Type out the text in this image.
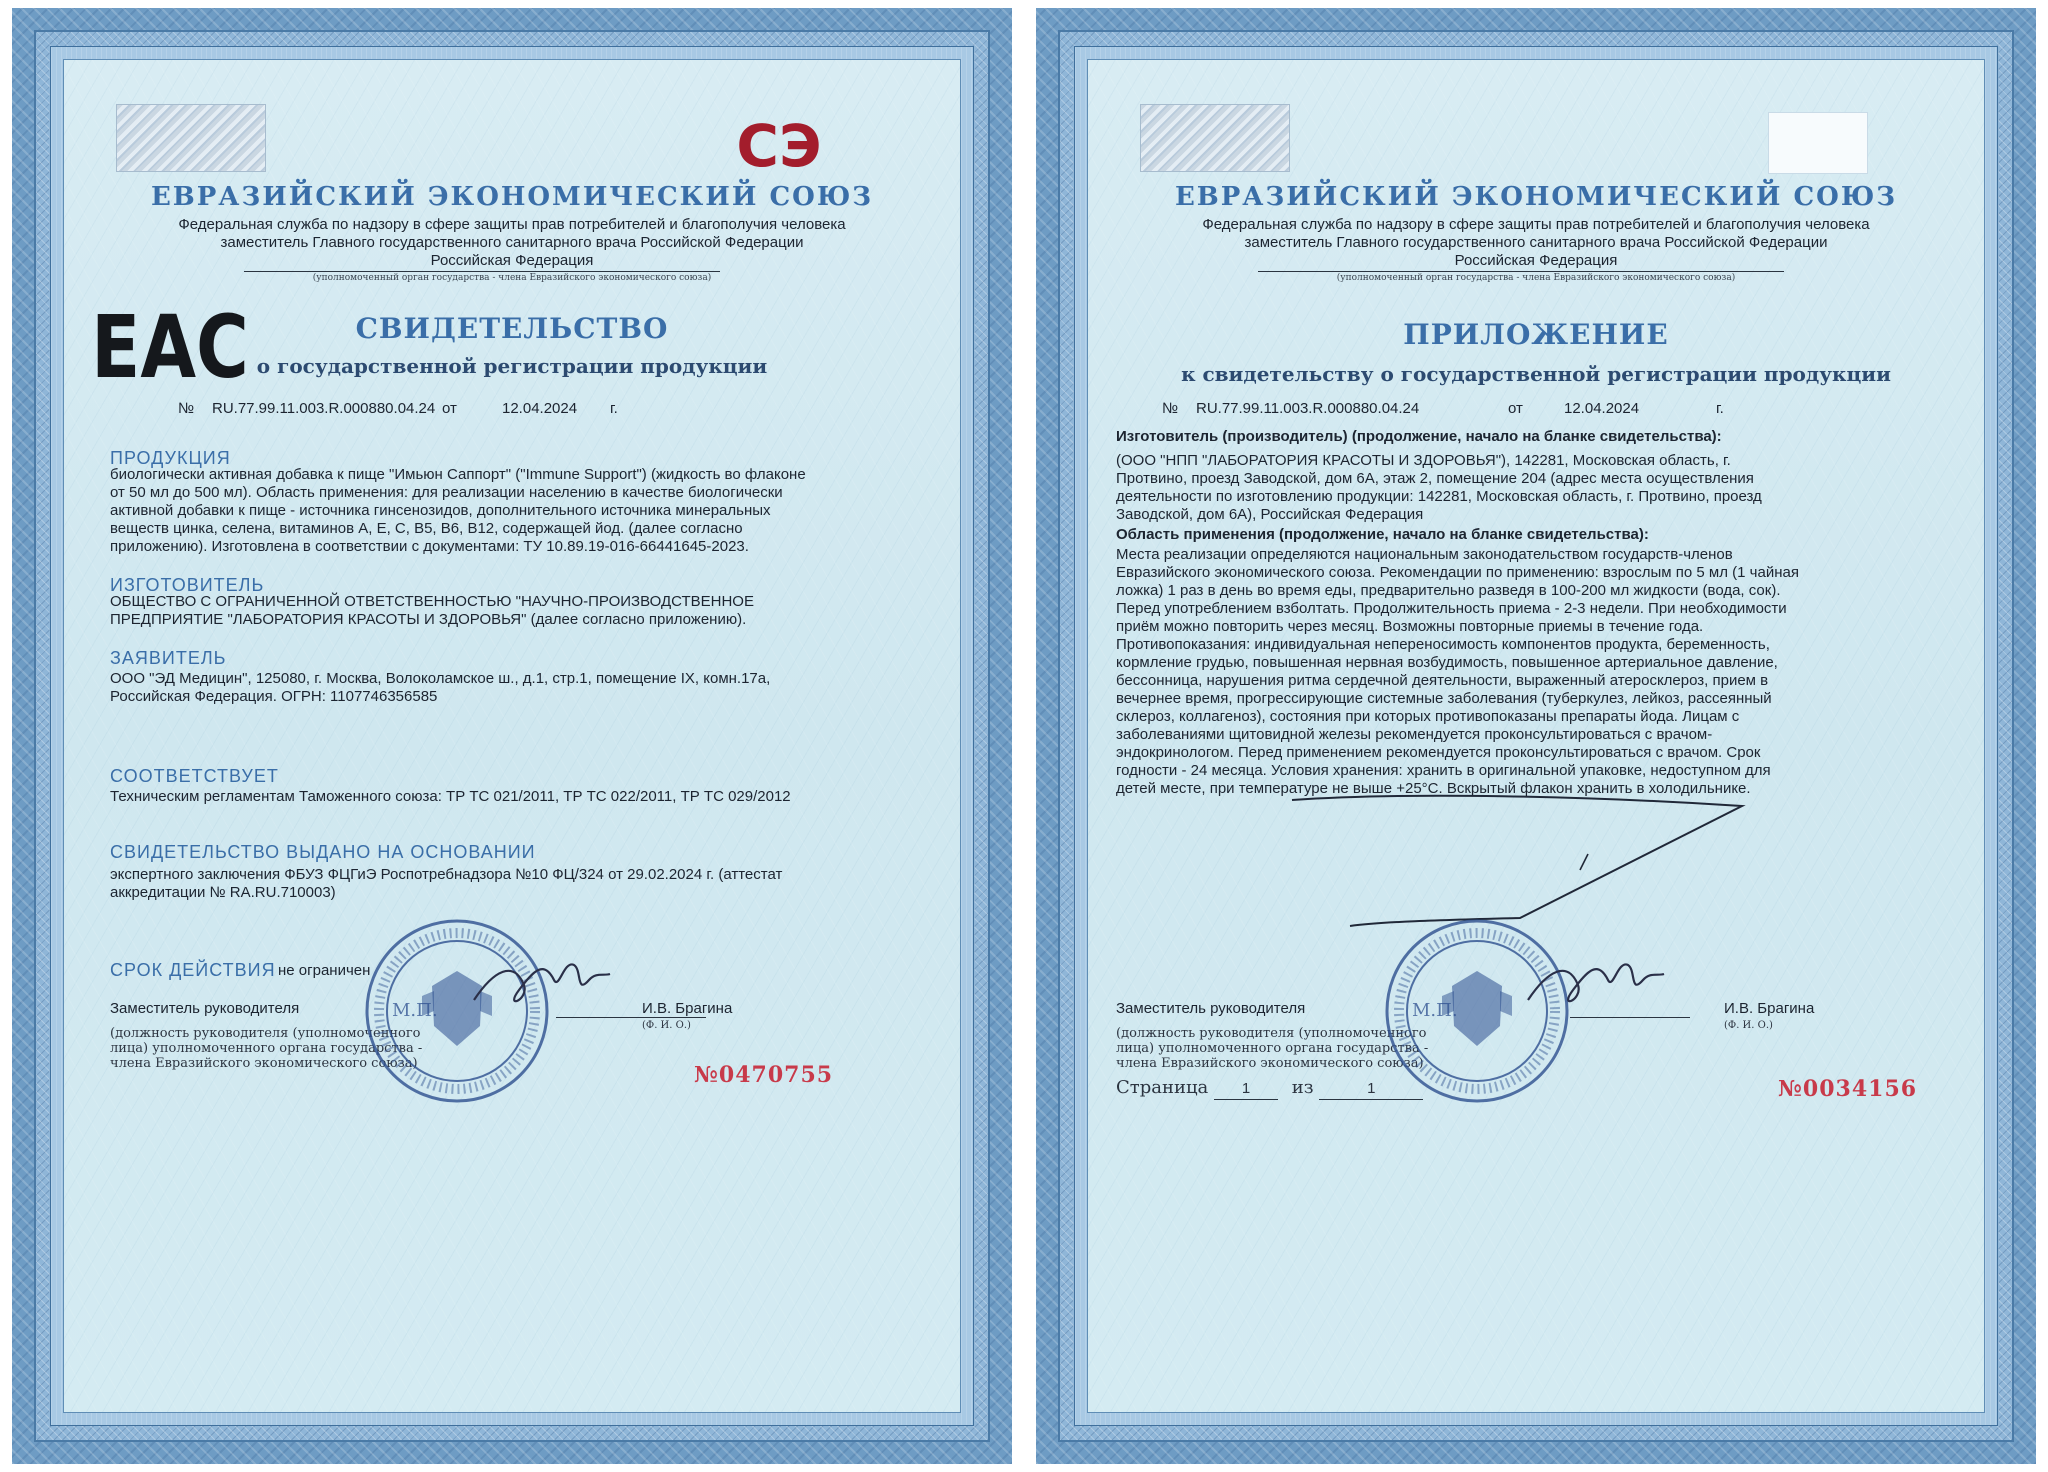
СЭ
ЕВРАЗИЙСКИЙ ЭКОНОМИЧЕСКИЙ СОЮЗ
Федеральная служба по надзору в сфере защиты прав потребителей и благополучия человека
заместитель Главного государственного санитарного врача Российской Федерации
Российская Федерация
(уполномоченный орган государства - члена Евразийского экономического союза)
EAC	СВИДЕТЕЛЬСТВО
о государственной регистрации продукции
№ RU.77.99.11.003.R.000880.04.24 от	12.04.2024 г.
ПРОДУКЦИЯ
биологически активная добавка к пище "Имьюн Саппорт" ("Immune Support") (жидкость во флаконе
от 50 мл до 500 мл). Область применения: для реализации населению в качестве биологически
активной добавки к пище - источника гинсенозидов, дополнительного источника минеральных
веществ цинка, селена, витаминов А, Е, С, В5, В6, В12, содержащей йод. (далее согласно
приложению). Изготовлена в соответствии с документами: ТУ 10.89.19-016-66441645-2023.
ИЗГОТОВИТЕЛЬ
ОБЩЕСТВО С ОГРАНИЧЕННОЙ ОТВЕТСТВЕННОСТЬЮ "НАУЧНО-ПРОИЗВОДСТВЕННОЕ
ПРЕДПРИЯТИЕ "ЛАБОРАТОРИЯ КРАСОТЫ И ЗДОРОВЬЯ" (далее согласно приложению).
ЗАЯВИТЕЛЬ
ООО "ЭД Медицин", 125080, г. Москва, Волоколамское ш., д.1, стр.1, помещение IX, комн.17а,
Российская Федерация. ОГРН: 1107746356585
СООТВЕТСТВУЕТ
Техническим регламентам Таможенного союза: ТР ТС 021/2011, ТР ТС 022/2011, ТР ТС 029/2012
СВИДЕТЕЛЬСТВО ВЫДАНО НА ОСНОВАНИИ
экспертного заключения ФБУЗ ФЦГиЭ Роспотребнадзора №10 ФЦ/324 от 29.02.2024 г. (аттестат
аккредитации № RA.RU.710003)
СРОК ДЕЙСТВИЯ не ограничен
Заместитель руководителя	И.В. Брагина
(Ф. И. О.)
(должность руководителя (уполномоченного
лица) уполномоченного органа государства -
члена Евразийского экономического союза)
М.П.
№0470755
ЕВРАЗИЙСКИЙ ЭКОНОМИЧЕСКИЙ СОЮЗ
Федеральная служба по надзору в сфере защиты прав потребителей и благополучия человека
заместитель Главного государственного санитарного врача Российской Федерации
Российская Федерация
(уполномоченный орган государства - члена Евразийского экономического союза)
ПРИЛОЖЕНИЕ
к свидетельству о государственной регистрации продукции
№ RU.77.99.11.003.R.000880.04.24	от	12.04.2024	г.
Изготовитель (производитель) (продолжение, начало на бланке свидетельства):
(ООО "НПП "ЛАБОРАТОРИЯ КРАСОТЫ И ЗДОРОВЬЯ"), 142281, Московская область, г.
Протвино, проезд Заводской, дом 6А, этаж 2, помещение 204 (адрес места осуществления
деятельности по изготовлению продукции: 142281, Московская область, г. Протвино, проезд
Заводской, дом 6А), Российская Федерация
Область применения (продолжение, начало на бланке свидетельства):
Места реализации определяются национальным законодательством государств-членов
Евразийского экономического союза. Рекомендации по применению: взрослым по 5 мл (1 чайная
ложка) 1 раз в день во время еды, предварительно разведя в 100-200 мл жидкости (вода, сок).
Перед употреблением взболтать. Продолжительность приема - 2-3 недели. При необходимости
приём можно повторить через месяц. Возможны повторные приемы в течение года.
Противопоказания: индивидуальная непереносимость компонентов продукта, беременность,
кормление грудью, повышенная нервная возбудимость, повышенное артериальное давление,
бессонница, нарушения ритма сердечной деятельности, выраженный атеросклероз, прием в
вечернее время, прогрессирующие системные заболевания (туберкулез, лейкоз, рассеянный
склероз, коллагеноз), состояния при которых противопоказаны препараты йода. Лицам с
заболеваниями щитовидной железы рекомендуется проконсультироваться с врачом-
эндокринологом. Перед применением рекомендуется проконсультироваться с врачом. Срок
годности - 24 месяца. Условия хранения: хранить в оригинальной упаковке, недоступном для
детей месте, при температуре не выше +25°С. Вскрытый флакон хранить в холодильнике.
Заместитель руководителя	И.В. Брагина
(Ф. И. О.)
(должность руководителя (уполномоченного
лица) уполномоченного органа государства -
члена Евразийского экономического союза)
М.П.
Страница 1 из	1	№0034156
